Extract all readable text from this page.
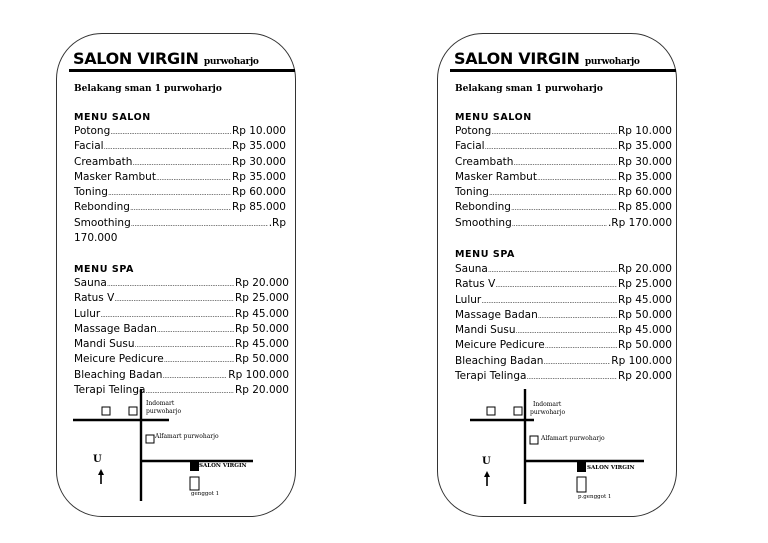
SALON VIRGIN purwoharjo
Belakang sman 1 purwoharjo
MENU SALON
Potong .....	Rp 10.000
Facial .....	Rp 35.000
Creambath .....	Rp 30.000
Masker Rambut .....	Rp 35.000
Toning .....	Rp 60.000
Rebonding .....	Rp 85.000
Smoothing .....	.Rp
170.000
MENU SPA
Sauna .....	Rp 20.000
Ratus V .....	Rp 25.000
Lulur .....	Rp 45.000
Massage Badan .....	Rp 50.000
Mandi Susu .....	Rp 45.000
Meicure Pedicure .....	Rp 50.000
Bleaching Badan .....	Rp 100.000
Terapi Telinga .....	Rp 20.000
Indomart
purwoharjo
Alfamart purwoharjo
SALON VIRGIN
genggot 1
U
SALON VIRGIN purwoharjo
Belakang sman 1 purwoharjo
MENU SALON
Potong .....	Rp 10.000
Facial .....	Rp 35.000
Creambath .....	Rp 30.000
Masker Rambut .....	Rp 35.000
Toning .....	Rp 60.000
Rebonding .....	Rp 85.000
Smoothing .....	.Rp 170.000
MENU SPA
Sauna .....	Rp 20.000
Ratus V .....	Rp 25.000
Lulur .....	Rp 45.000
Massage Badan .....	Rp 50.000
Mandi Susu .....	Rp 45.000
Meicure Pedicure .....	Rp 50.000
Bleaching Badan .....	Rp 100.000
Terapi Telinga .....	Rp 20.000
Indomart
purwoharjo
Alfamart purwoharjo
SALON VIRGIN
p.genggot 1
U
